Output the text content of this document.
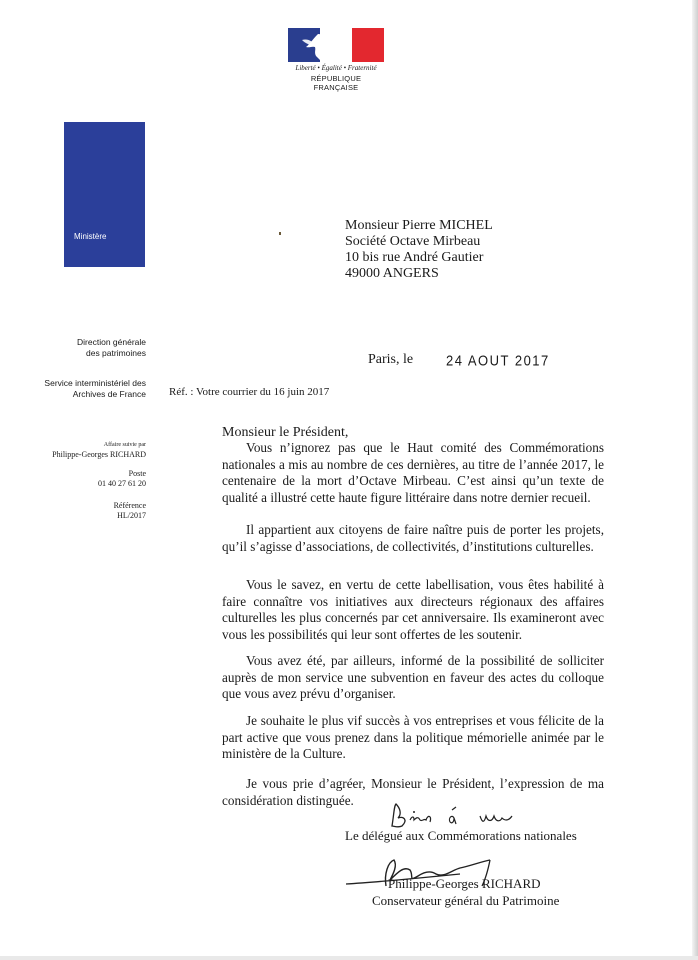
Liberté • Égalité • Fraternité
RÉPUBLIQUE FRANÇAISE
Culture
Communication
Ministère
Direction générale
des patrimoines
Service interministériel des
Archives de France
Affaire suivie par
Philippe-Georges RICHARD
Poste
01 40 27 61 20
Référence
HL/2017
Monsieur Pierre MICHEL
Société Octave Mirbeau
10 bis rue André Gautier
49000 ANGERS
Paris, le	24 AOUT 2017
Réf. : Votre courrier du 16 juin 2017
Monsieur le Président,

Vous n’ignorez pas que le Haut comité des Commémorations nationales a mis au nombre de ces dernières, au titre de l’année 2017, le centenaire de la mort d’Octave Mirbeau. C’est ainsi qu’un texte de qualité a illustré cette haute figure littéraire dans notre dernier recueil.

Il appartient aux citoyens de faire naître puis de porter les projets, qu’il s’agisse d’associations, de collectivités, d’institutions culturelles.

Vous le savez, en vertu de cette labellisation, vous êtes habilité à faire connaître vos initiatives aux directeurs régionaux des affaires culturelles les plus concernés par cet anniversaire. Ils examineront avec vous les possibilités qui leur sont offertes de les soutenir.

Vous avez été, par ailleurs, informé de la possibilité de solliciter auprès de mon service une subvention en faveur des actes du colloque que vous avez prévu d’organiser.

Je souhaite le plus vif succès à vos entreprises et vous félicite de la part active que vous prenez dans la politique mémorielle animée par le ministère de la Culture.

Je vous prie d’agréer, Monsieur le Président, l’expression de ma considération distinguée.

Le délégué aux Commémorations nationales
Philippe-Georges RICHARD
Conservateur général du Patrimoine
